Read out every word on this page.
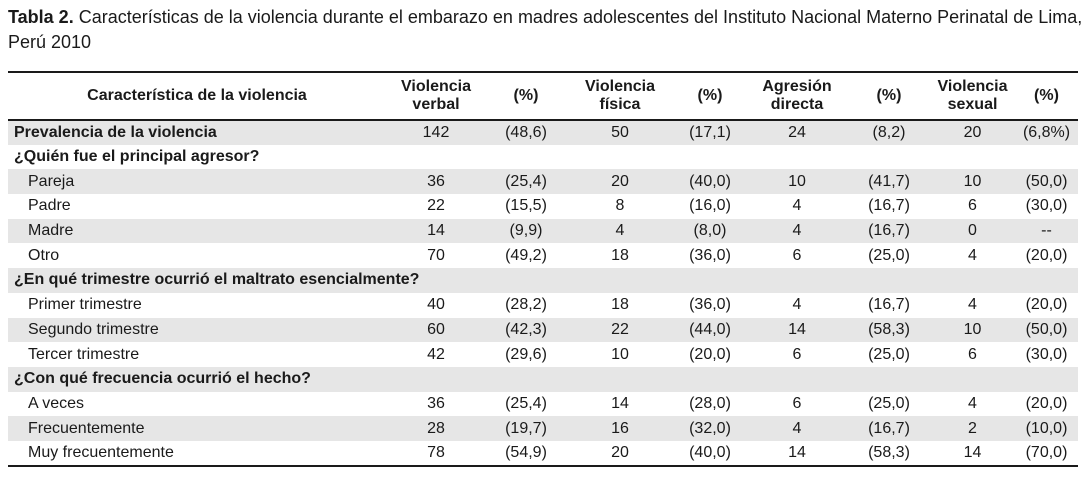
Tabla 2. Características de la violencia durante el embarazo en madres adolescentes del Instituto Nacional Materno Perinatal de Lima, Perú 2010
Característica de la violencia	Violencia verbal	(%)	Violencia física	(%)	Agresión directa	(%)	Violencia sexual	(%)
Prevalencia de la violencia	142	(48,6)	50	(17,1)	24	(8,2)	20	(6,8%)
¿Quién fue el principal agresor?								
Pareja	36	(25,4)	20	(40,0)	10	(41,7)	10	(50,0)
Padre	22	(15,5)	8	(16,0)	4	(16,7)	6	(30,0)
Madre	14	(9,9)	4	(8,0)	4	(16,7)	0	--
Otro	70	(49,2)	18	(36,0)	6	(25,0)	4	(20,0)
¿En qué trimestre ocurrió el maltrato esencialmente?								
Primer trimestre	40	(28,2)	18	(36,0)	4	(16,7)	4	(20,0)
Segundo trimestre	60	(42,3)	22	(44,0)	14	(58,3)	10	(50,0)
Tercer trimestre	42	(29,6)	10	(20,0)	6	(25,0)	6	(30,0)
¿Con qué frecuencia ocurrió el hecho?								
A veces	36	(25,4)	14	(28,0)	6	(25,0)	4	(20,0)
Frecuentemente	28	(19,7)	16	(32,0)	4	(16,7)	2	(10,0)
Muy frecuentemente	78	(54,9)	20	(40,0)	14	(58,3)	14	(70,0)
